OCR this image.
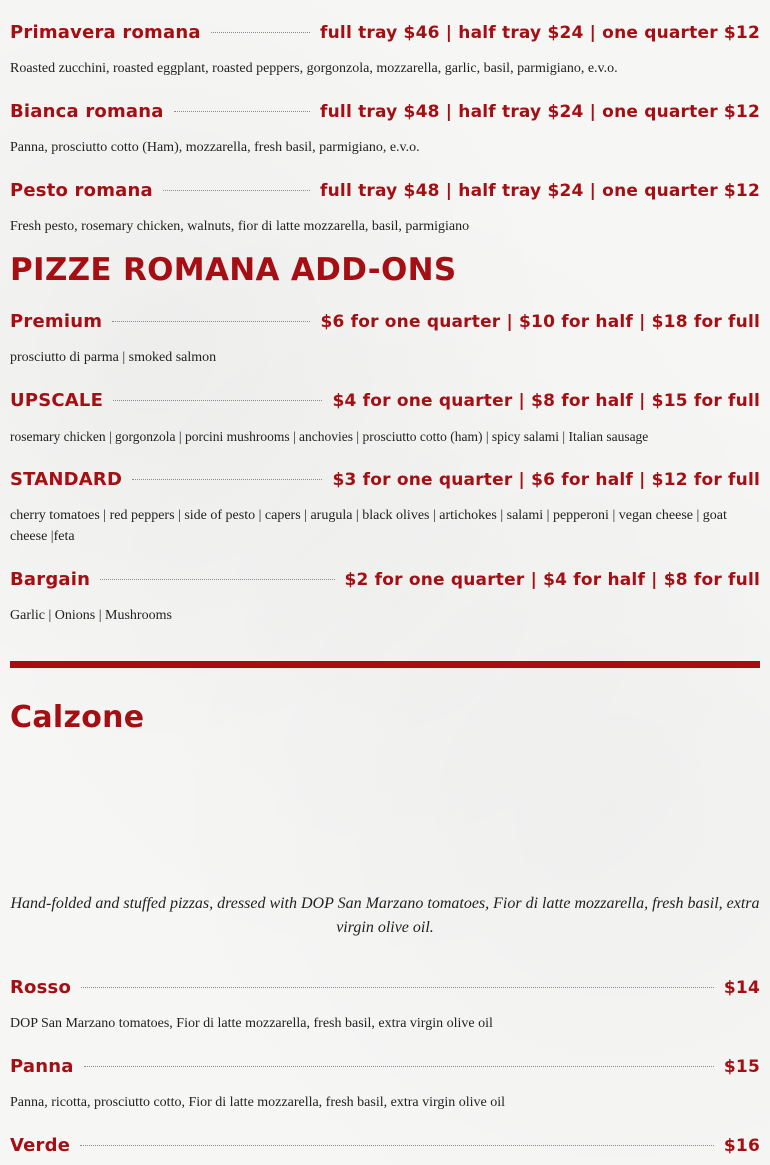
Primavera romana	full tray $46 | half tray $24 | one quarter $12
Roasted zucchini, roasted eggplant, roasted peppers, gorgonzola, mozzarella, garlic, basil, parmigiano, e.v.o.
Bianca romana	full tray $48 | half tray $24 | one quarter $12
Panna, prosciutto cotto (Ham), mozzarella, fresh basil, parmigiano, e.v.o.
Pesto romana	full tray $48 | half tray $24 | one quarter $12
Fresh pesto, rosemary chicken, walnuts, fior di latte mozzarella, basil, parmigiano
PIZZE ROMANA ADD-ONS
Premium	$6 for one quarter | $10 for half | $18 for full
prosciutto di parma | smoked salmon
UPSCALE	$4 for one quarter | $8 for half | $15 for full
rosemary chicken | gorgonzola | porcini mushrooms | anchovies | prosciutto cotto (ham) | spicy salami | Italian sausage
STANDARD	$3 for one quarter | $6 for half | $12 for full
cherry tomatoes | red peppers | side of pesto | capers | arugula | black olives | artichokes | salami | pepperoni | vegan cheese | goat cheese |feta
Bargain	$2 for one quarter | $4 for half | $8 for full
Garlic | Onions | Mushrooms
Calzone
Hand-folded and stuffed pizzas, dressed with DOP San Marzano tomatoes, Fior di latte mozzarella, fresh basil, extra virgin olive oil.
Rosso	$14
DOP San Marzano tomatoes, Fior di latte mozzarella, fresh basil, extra virgin olive oil
Panna	$15
Panna, ricotta, prosciutto cotto, Fior di latte mozzarella, fresh basil, extra virgin olive oil
Verde	$16
